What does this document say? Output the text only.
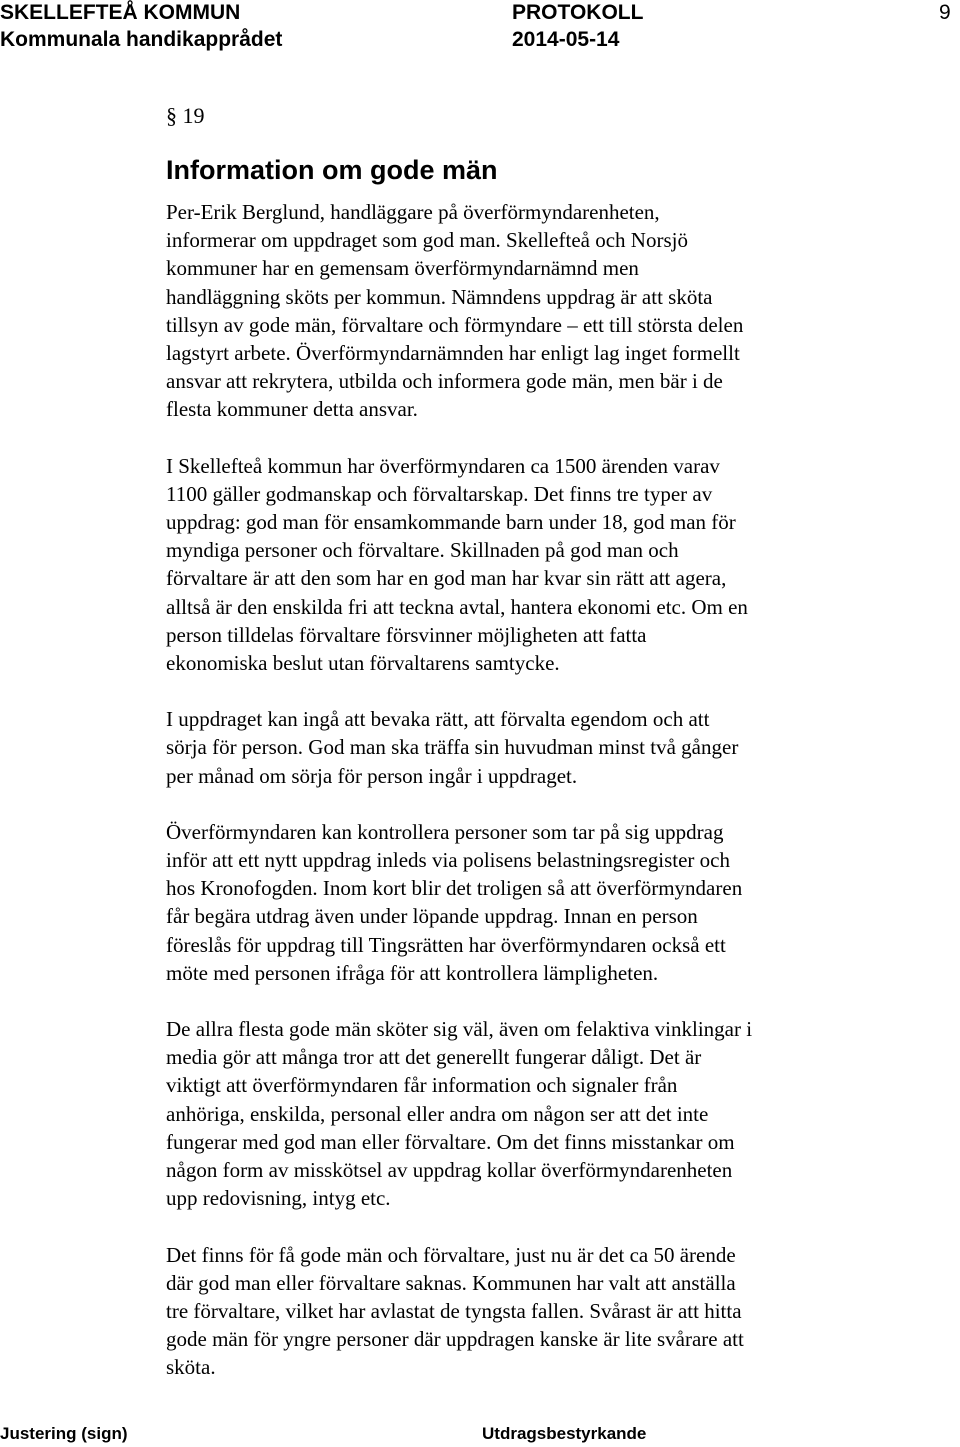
SKELLEFTEÅ KOMMUN
Kommunala handikapprådet
PROTOKOLL
2014-05-14
9
§ 19
Information om gode män

Per-Erik Berglund, handläggare på överförmyndarenheten,
informerar om uppdraget som god man. Skellefteå och Norsjö
kommuner har en gemensam överförmyndarnämnd men
handläggning sköts per kommun. Nämndens uppdrag är att sköta
tillsyn av gode män, förvaltare och förmyndare – ett till största delen
lagstyrt arbete. Överförmyndarnämnden har enligt lag inget formellt
ansvar att rekrytera, utbilda och informera gode män, men bär i de
flesta kommuner detta ansvar.

I Skellefteå kommun har överförmyndaren ca 1500 ärenden varav
1100 gäller godmanskap och förvaltarskap. Det finns tre typer av
uppdrag: god man för ensamkommande barn under 18, god man för
myndiga personer och förvaltare. Skillnaden på god man och
förvaltare är att den som har en god man har kvar sin rätt att agera,
alltså är den enskilda fri att teckna avtal, hantera ekonomi etc. Om en
person tilldelas förvaltare försvinner möjligheten att fatta
ekonomiska beslut utan förvaltarens samtycke.

I uppdraget kan ingå att bevaka rätt, att förvalta egendom och att
sörja för person. God man ska träffa sin huvudman minst två gånger
per månad om sörja för person ingår i uppdraget.

Överförmyndaren kan kontrollera personer som tar på sig uppdrag
inför att ett nytt uppdrag inleds via polisens belastningsregister och
hos Kronofogden. Inom kort blir det troligen så att överförmyndaren
får begära utdrag även under löpande uppdrag. Innan en person
föreslås för uppdrag till Tingsrätten har överförmyndaren också ett
möte med personen ifråga för att kontrollera lämpligheten.

De allra flesta gode män sköter sig väl, även om felaktiva vinklingar i
media gör att många tror att det generellt fungerar dåligt. Det är
viktigt att överförmyndaren får information och signaler från
anhöriga, enskilda, personal eller andra om någon ser att det inte
fungerar med god man eller förvaltare. Om det finns misstankar om
någon form av misskötsel av uppdrag kollar överförmyndarenheten
upp redovisning, intyg etc.

Det finns för få gode män och förvaltare, just nu är det ca 50 ärende
där god man eller förvaltare saknas. Kommunen har valt att anställa
tre förvaltare, vilket har avlastat de tyngsta fallen. Svårast är att hitta
gode män för yngre personer där uppdragen kanske är lite svårare att
sköta.

Justering (sign)	Utdragsbestyrkande
